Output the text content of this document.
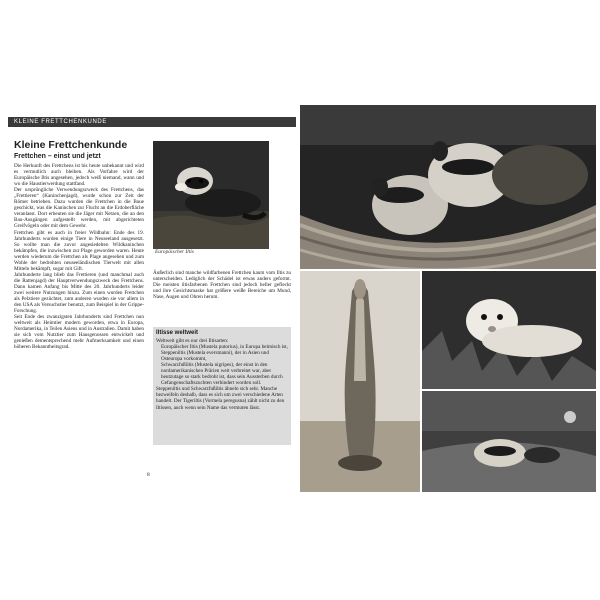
KLEINE FRETTCHENKUNDE
Kleine Frettchenkunde
Frettchen – einst und jetzt

Die Herkunft des Frettchens ist bis heute unbekannt und wird es vermutlich auch bleiben. Als Vorfahre wird der Europäische Iltis angesehen, jedoch weiß niemand, wann und wo die Haustierwerdung stattfand.

Der ursprüngliche Verwendungszweck des Frettchens, das „Frettieren“ (Kaninchenjagd), wurde schon zur Zeit der Römer betrieben. Dazu wurden die Frettchen in die Baue geschickt, was die Kaninchen zur Flucht an die Erdoberfläche veranlasst. Dort erbeuten sie die Jäger mit Netzen, die an den Bau-Ausgängen aufgestellt werden, mit abgerichteten Greifvögeln oder mit dem Gewehr.

Frettchen gibt es auch in freier Wildbahn: Ende des 19. Jahrhunderts wurden einige Tiere in Neuseeland ausgesetzt. So wollte man die zuvor angesiedelten Wildkaninchen bekämpfen, die inzwischen zur Plage geworden waren. Heute werden wiederum die Frettchen als Plage angesehen und zum Wohle der bedrohten neuseeländischen Tierwelt mit allen Mitteln bekämpft, sogar mit Gift.

Jahrhunderte lang blieb das Frettieren (und manchmal auch die Rattenjagd) der Hauptverwendungszweck des Frettchens. Dann kamen Anfang bis Mitte des 20. Jahrhunderts leider zwei weitere Nutzungen hinzu. Zum einen wurden Frettchen als Pelztiere gezüchtet, zum anderen wurden sie vor allem in den USA als Versuchstier benutzt, zum Beispiel in der Grippe-Forschung.

Seit Ende des zwanzigsten Jahrhunderts sind Frettchen nun weltweit als Heimtier modern geworden, etwa in Europa, Nordamerika, in Teilen Asiens und in Australien. Damit haben sie sich vom Nutztier zum Hausgenossen entwickelt und genießen dementsprechend mehr Aufmerksamkeit und einen höheren Bekanntheitsgrad.

Europäischer Iltis
Äußerlich sind manche wildfarbenen Frettchen kaum vom Iltis zu unterscheiden. Lediglich der Schädel ist etwas anders geformt. Die meisten iltisfarbenen Frettchen sind jedoch heller gefleckt und ihre Gesichtsmaske hat größere weiße Bereiche um Mund, Nase, Augen und Ohren herum.
Iltisse weltweit

Weltweit gibt es nur drei Iltisarten:

Europäischer Iltis (Mustela putorius), in Europa beimisch ist,

Steppeniltis (Mustela eversmanni), der in Asien und Osteuropa vorkommt,

Schwarzfußiltis (Mustela nigripes), der einst in den nordamerikanischen Prärien weit verbreitet war, aber heutzutage so stark bedroht ist, dass sein Aussterben durch Gefangenschaftszuchten verhindert worden soll.

Steppeniltis und Schwarzfußiltis ähneln sich sehr. Manche bezweifeln deshalb, dass es sich um zwei verschiedene Arten handelt. Der Tigeriltis (Vormela peregusna) zählt nicht zu den Iltissen, auch wenn sein Name das vermuten lässt.

8
